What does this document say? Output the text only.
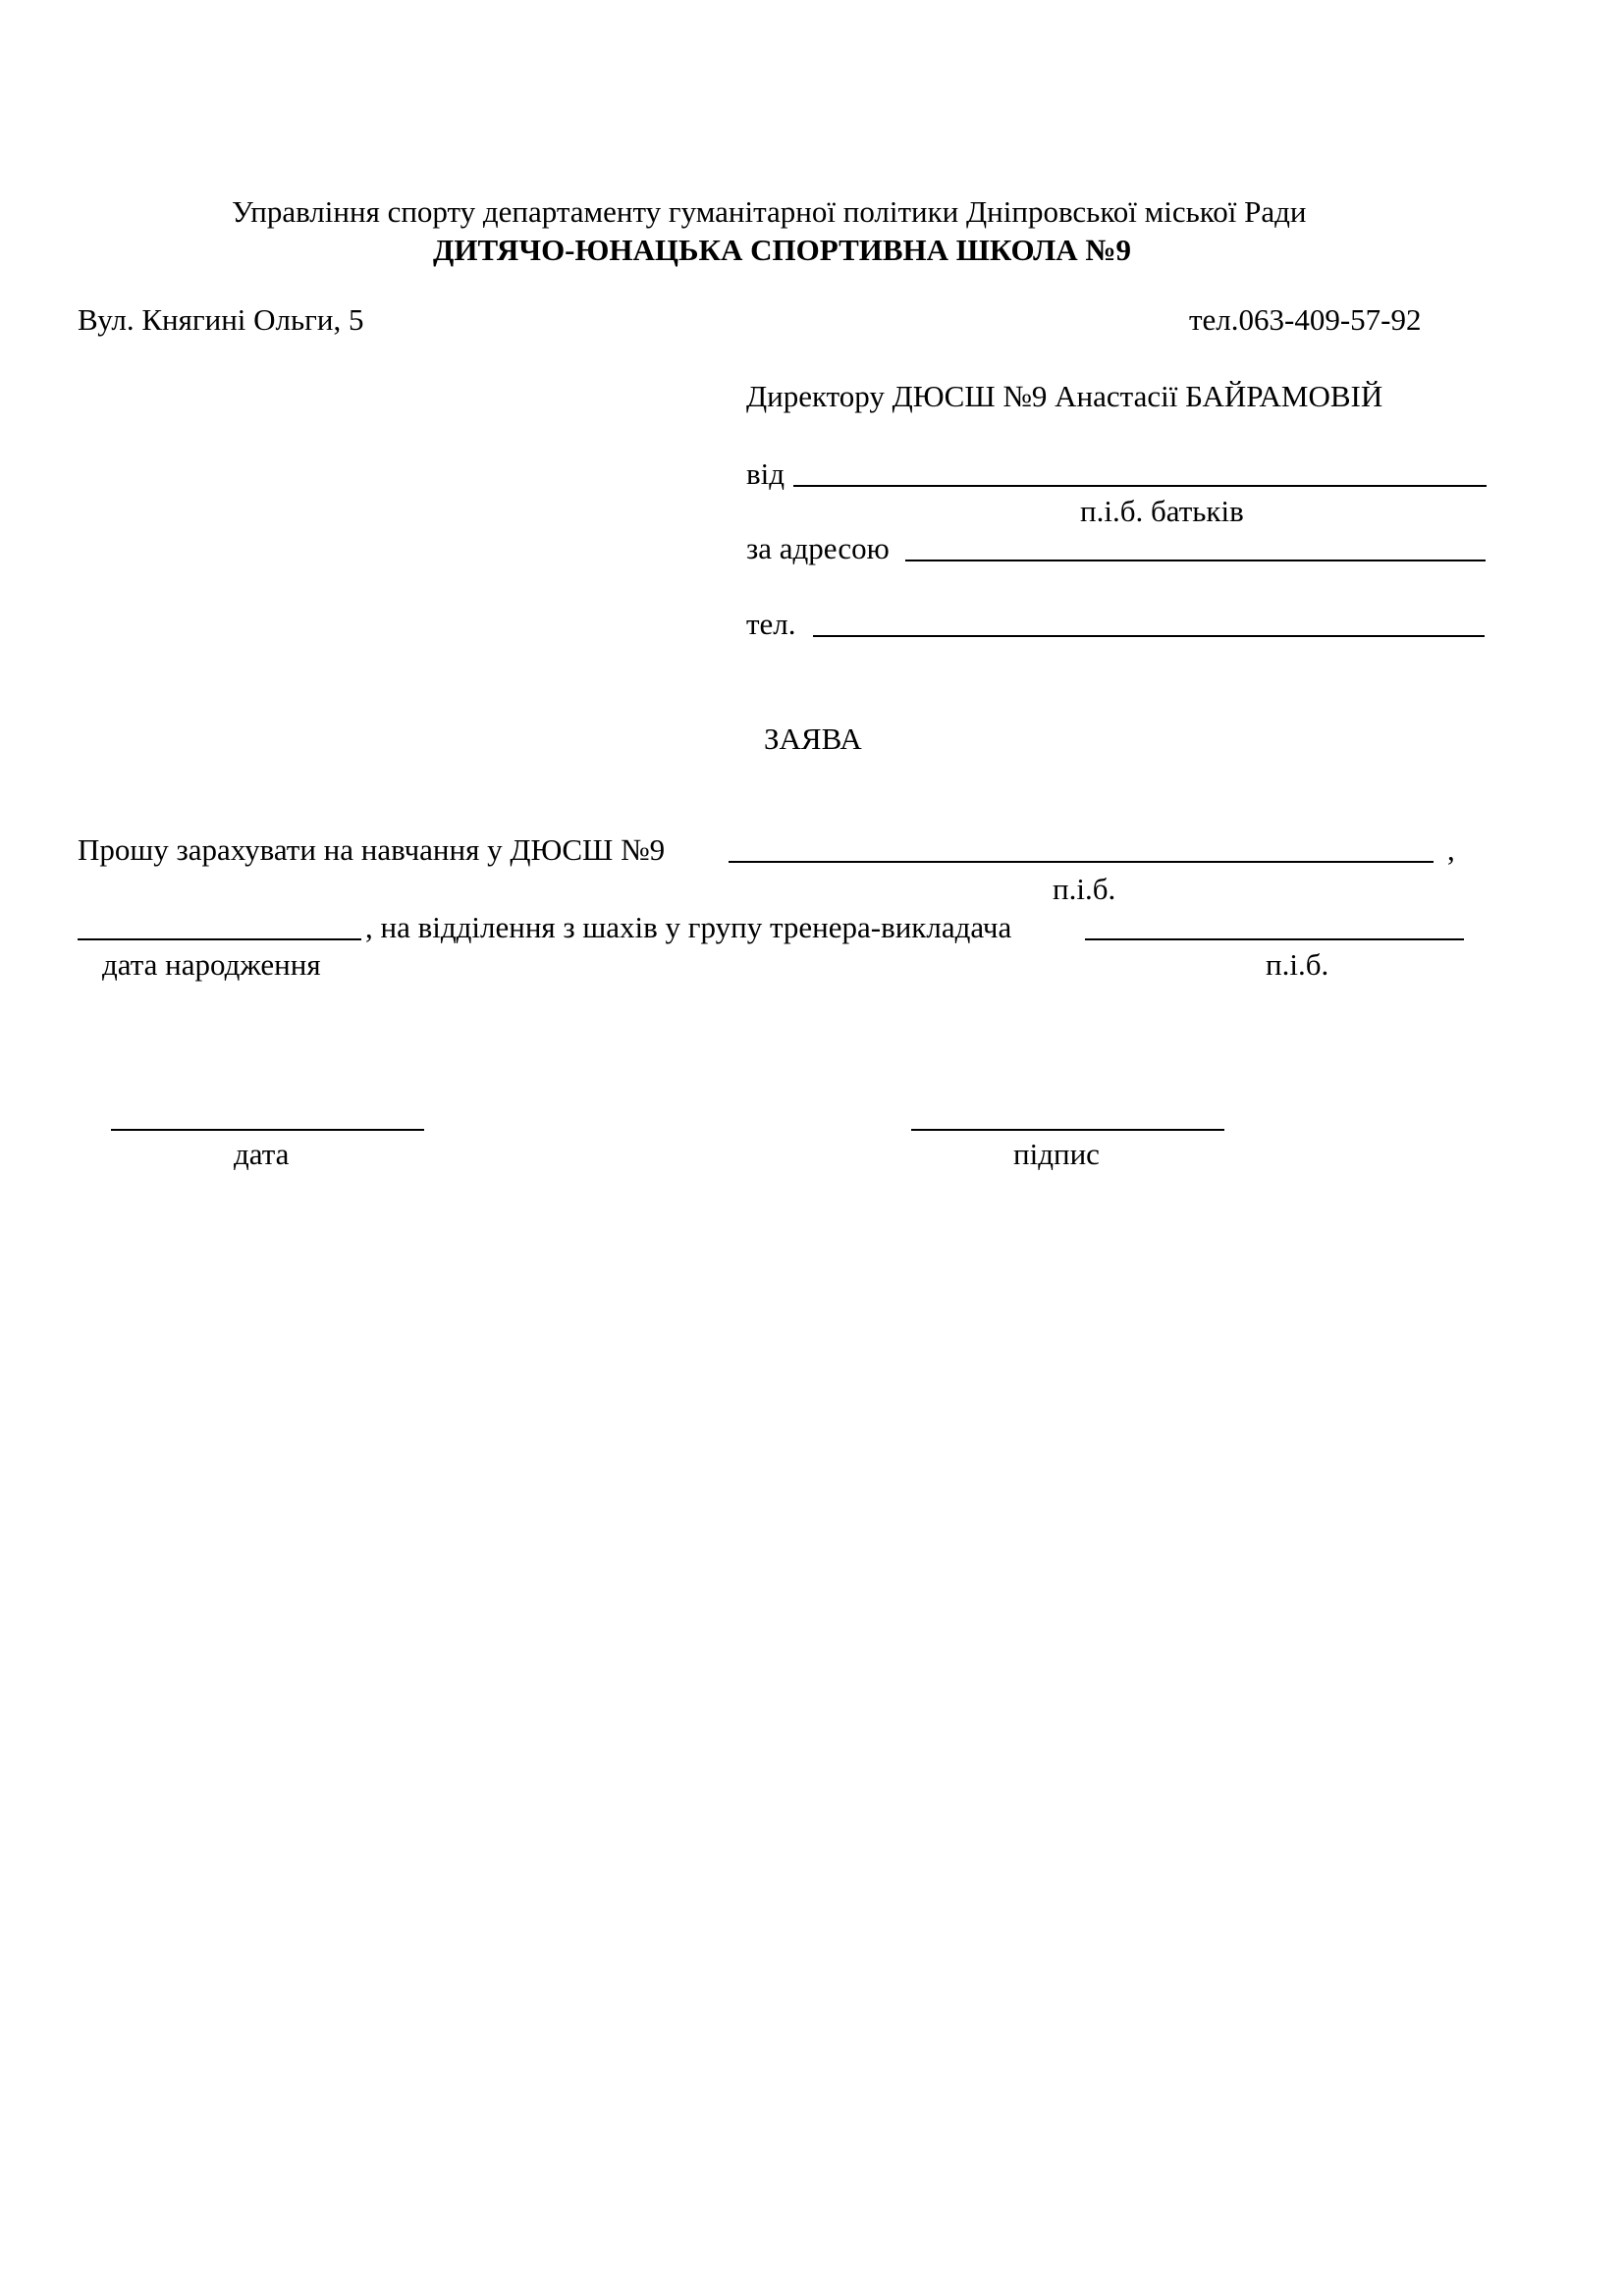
Управління спорту департаменту гуманітарної політики Дніпровської міської Ради
ДИТЯЧО-ЮНАЦЬКА СПОРТИВНА ШКОЛА №9
Вул. Княгині Ольги, 5	тел.063-409-57-92
Директору ДЮСШ №9 Анастасії БАЙРАМОВІЙ
від
п.і.б. батьків
за адресою
тел.
ЗАЯВА
Прошу зарахувати на навчання у ДЮСШ №9	,
п.і.б.
, на відділення з шахів у групу тренера-викладача
дата народження	п.і.б.
дата	підпис
